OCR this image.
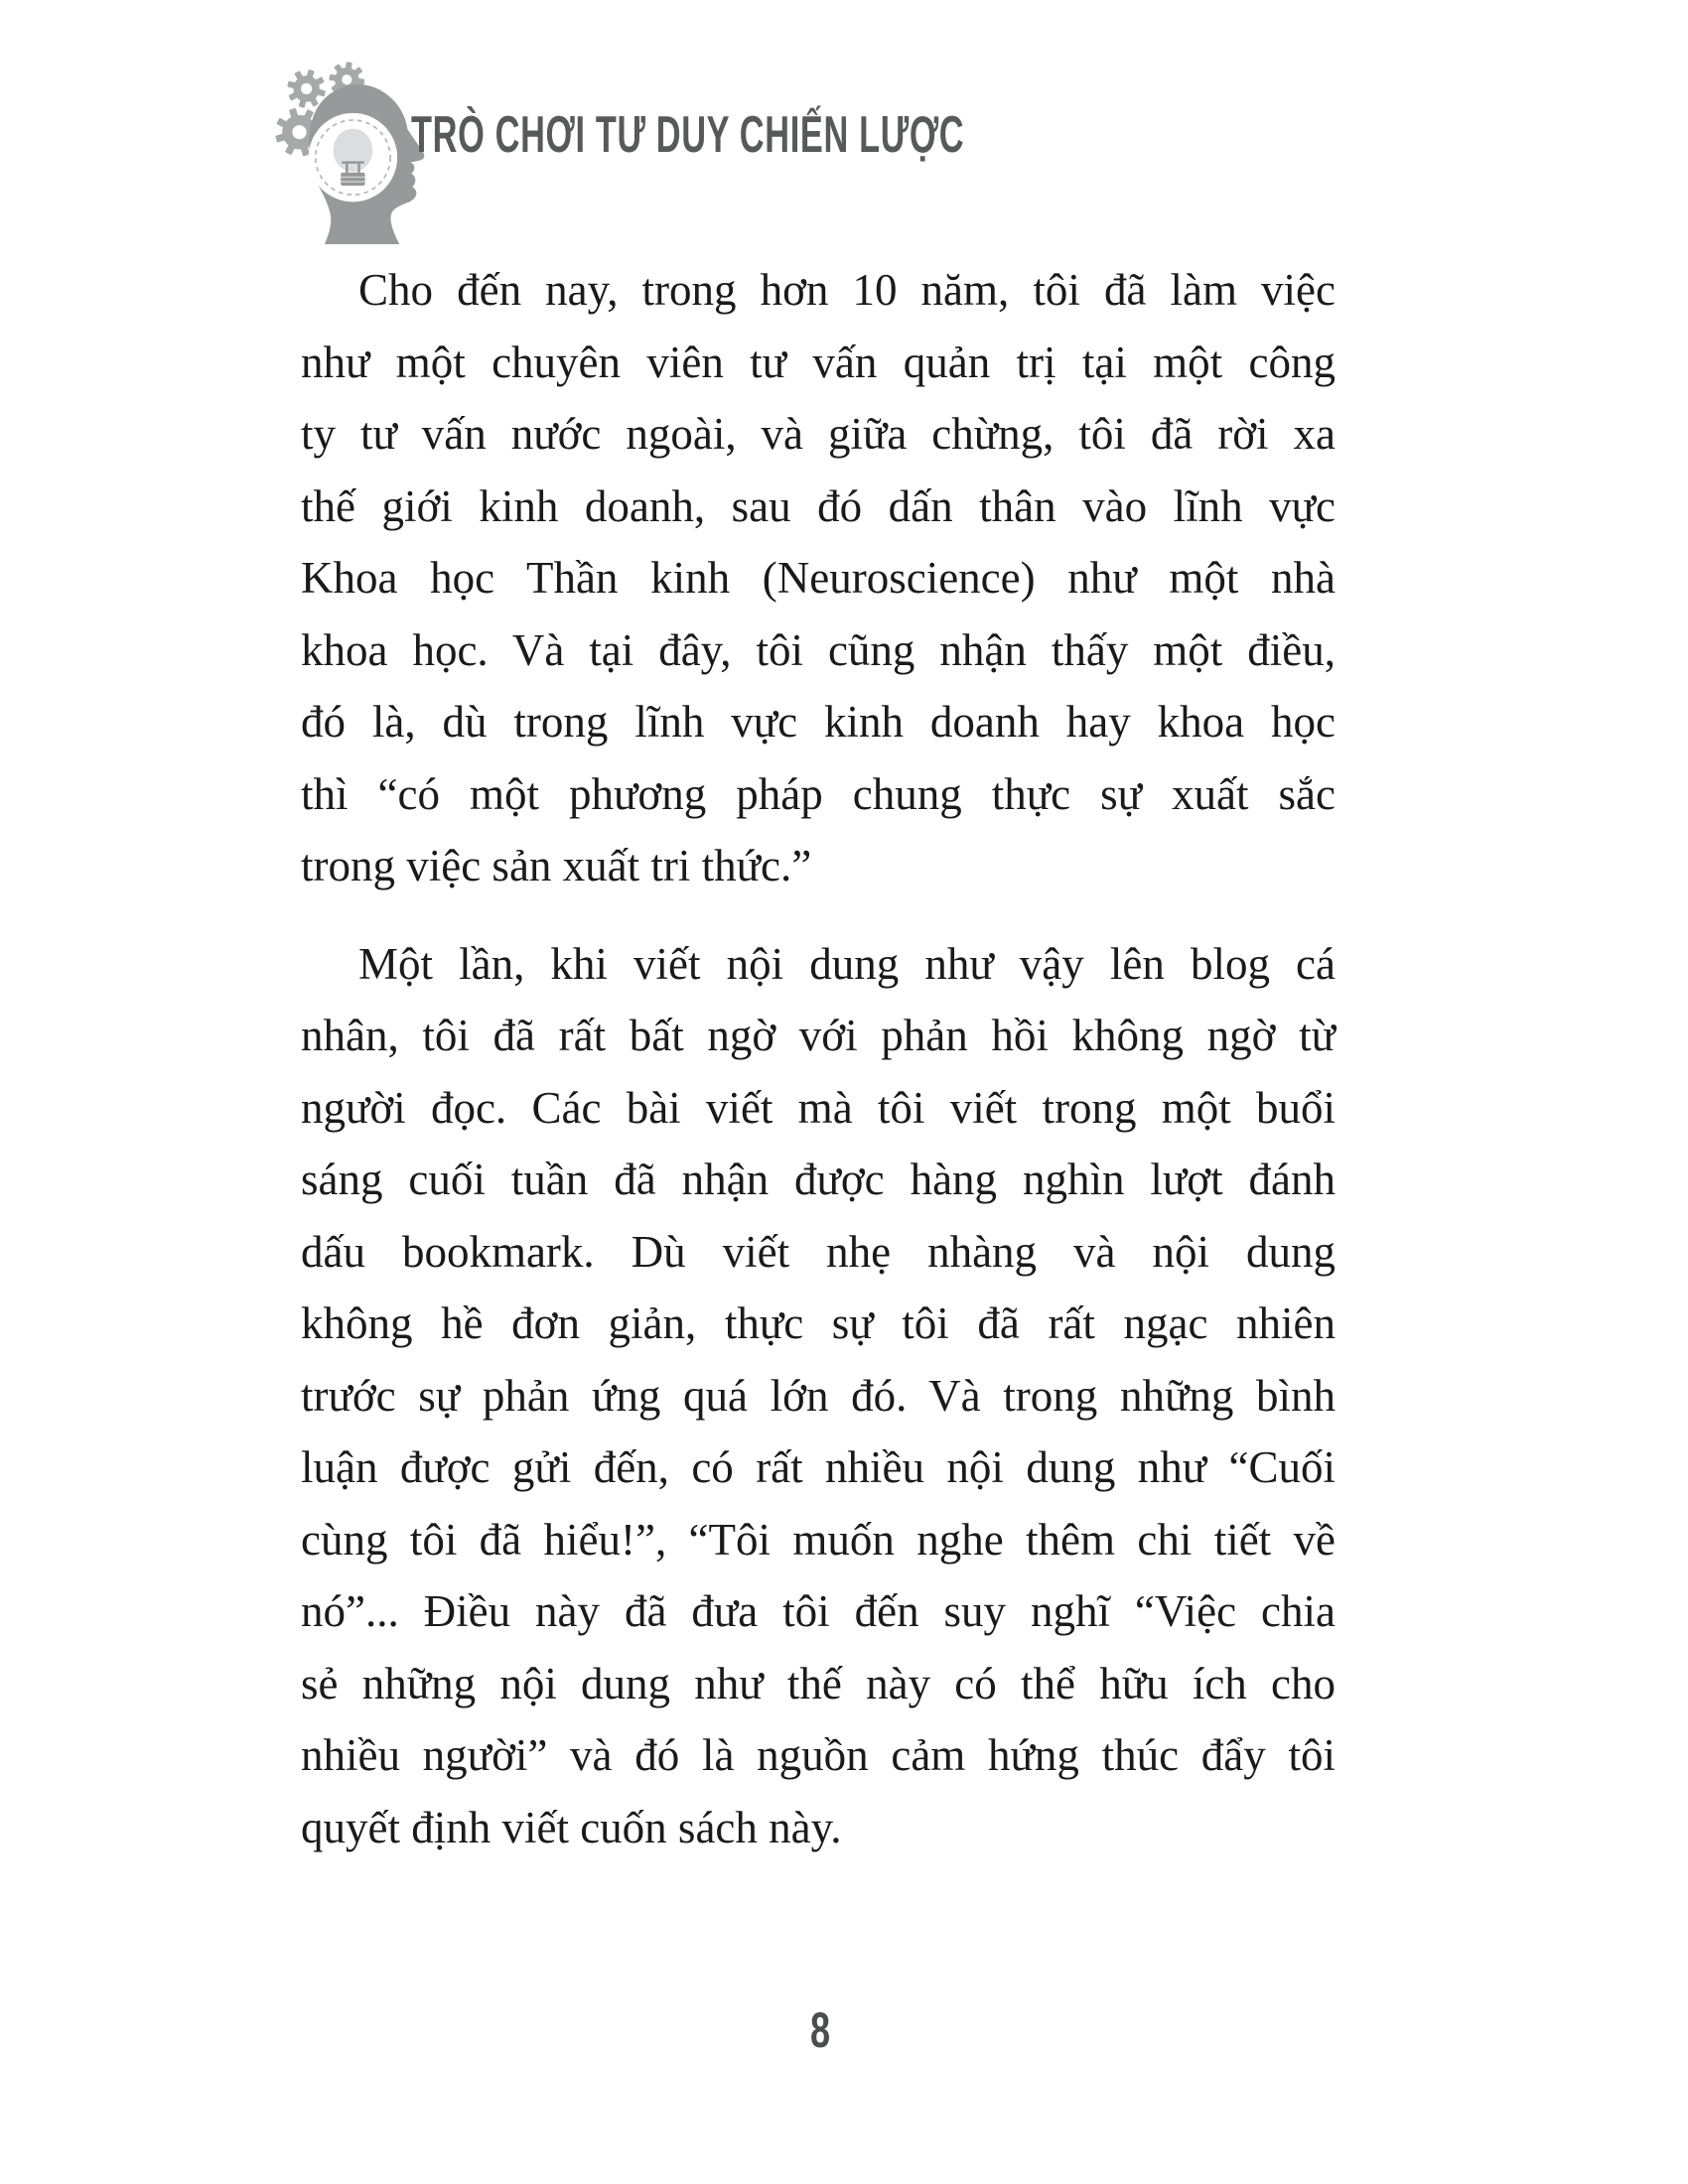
TRÒ CHƠI TƯ DUY CHIẾN LƯỢC
Cho đến nay, trong hơn 10 năm, tôi đã làm việc
như một chuyên viên tư vấn quản trị tại một công
ty tư vấn nước ngoài, và giữa chừng, tôi đã rời xa
thế giới kinh doanh, sau đó dấn thân vào lĩnh vực
Khoa học Thần kinh (Neuroscience) như một nhà
khoa học. Và tại đây, tôi cũng nhận thấy một điều,
đó là, dù trong lĩnh vực kinh doanh hay khoa học
thì “có một phương pháp chung thực sự xuất sắc
trong việc sản xuất tri thức.”
Một lần, khi viết nội dung như vậy lên blog cá
nhân, tôi đã rất bất ngờ với phản hồi không ngờ từ
người đọc. Các bài viết mà tôi viết trong một buổi
sáng cuối tuần đã nhận được hàng nghìn lượt đánh
dấu bookmark. Dù viết nhẹ nhàng và nội dung
không hề đơn giản, thực sự tôi đã rất ngạc nhiên
trước sự phản ứng quá lớn đó. Và trong những bình
luận được gửi đến, có rất nhiều nội dung như “Cuối
cùng tôi đã hiểu!”, “Tôi muốn nghe thêm chi tiết về
nó”... Điều này đã đưa tôi đến suy nghĩ “Việc chia
sẻ những nội dung như thế này có thể hữu ích cho
nhiều người” và đó là nguồn cảm hứng thúc đẩy tôi
quyết định viết cuốn sách này.
8
